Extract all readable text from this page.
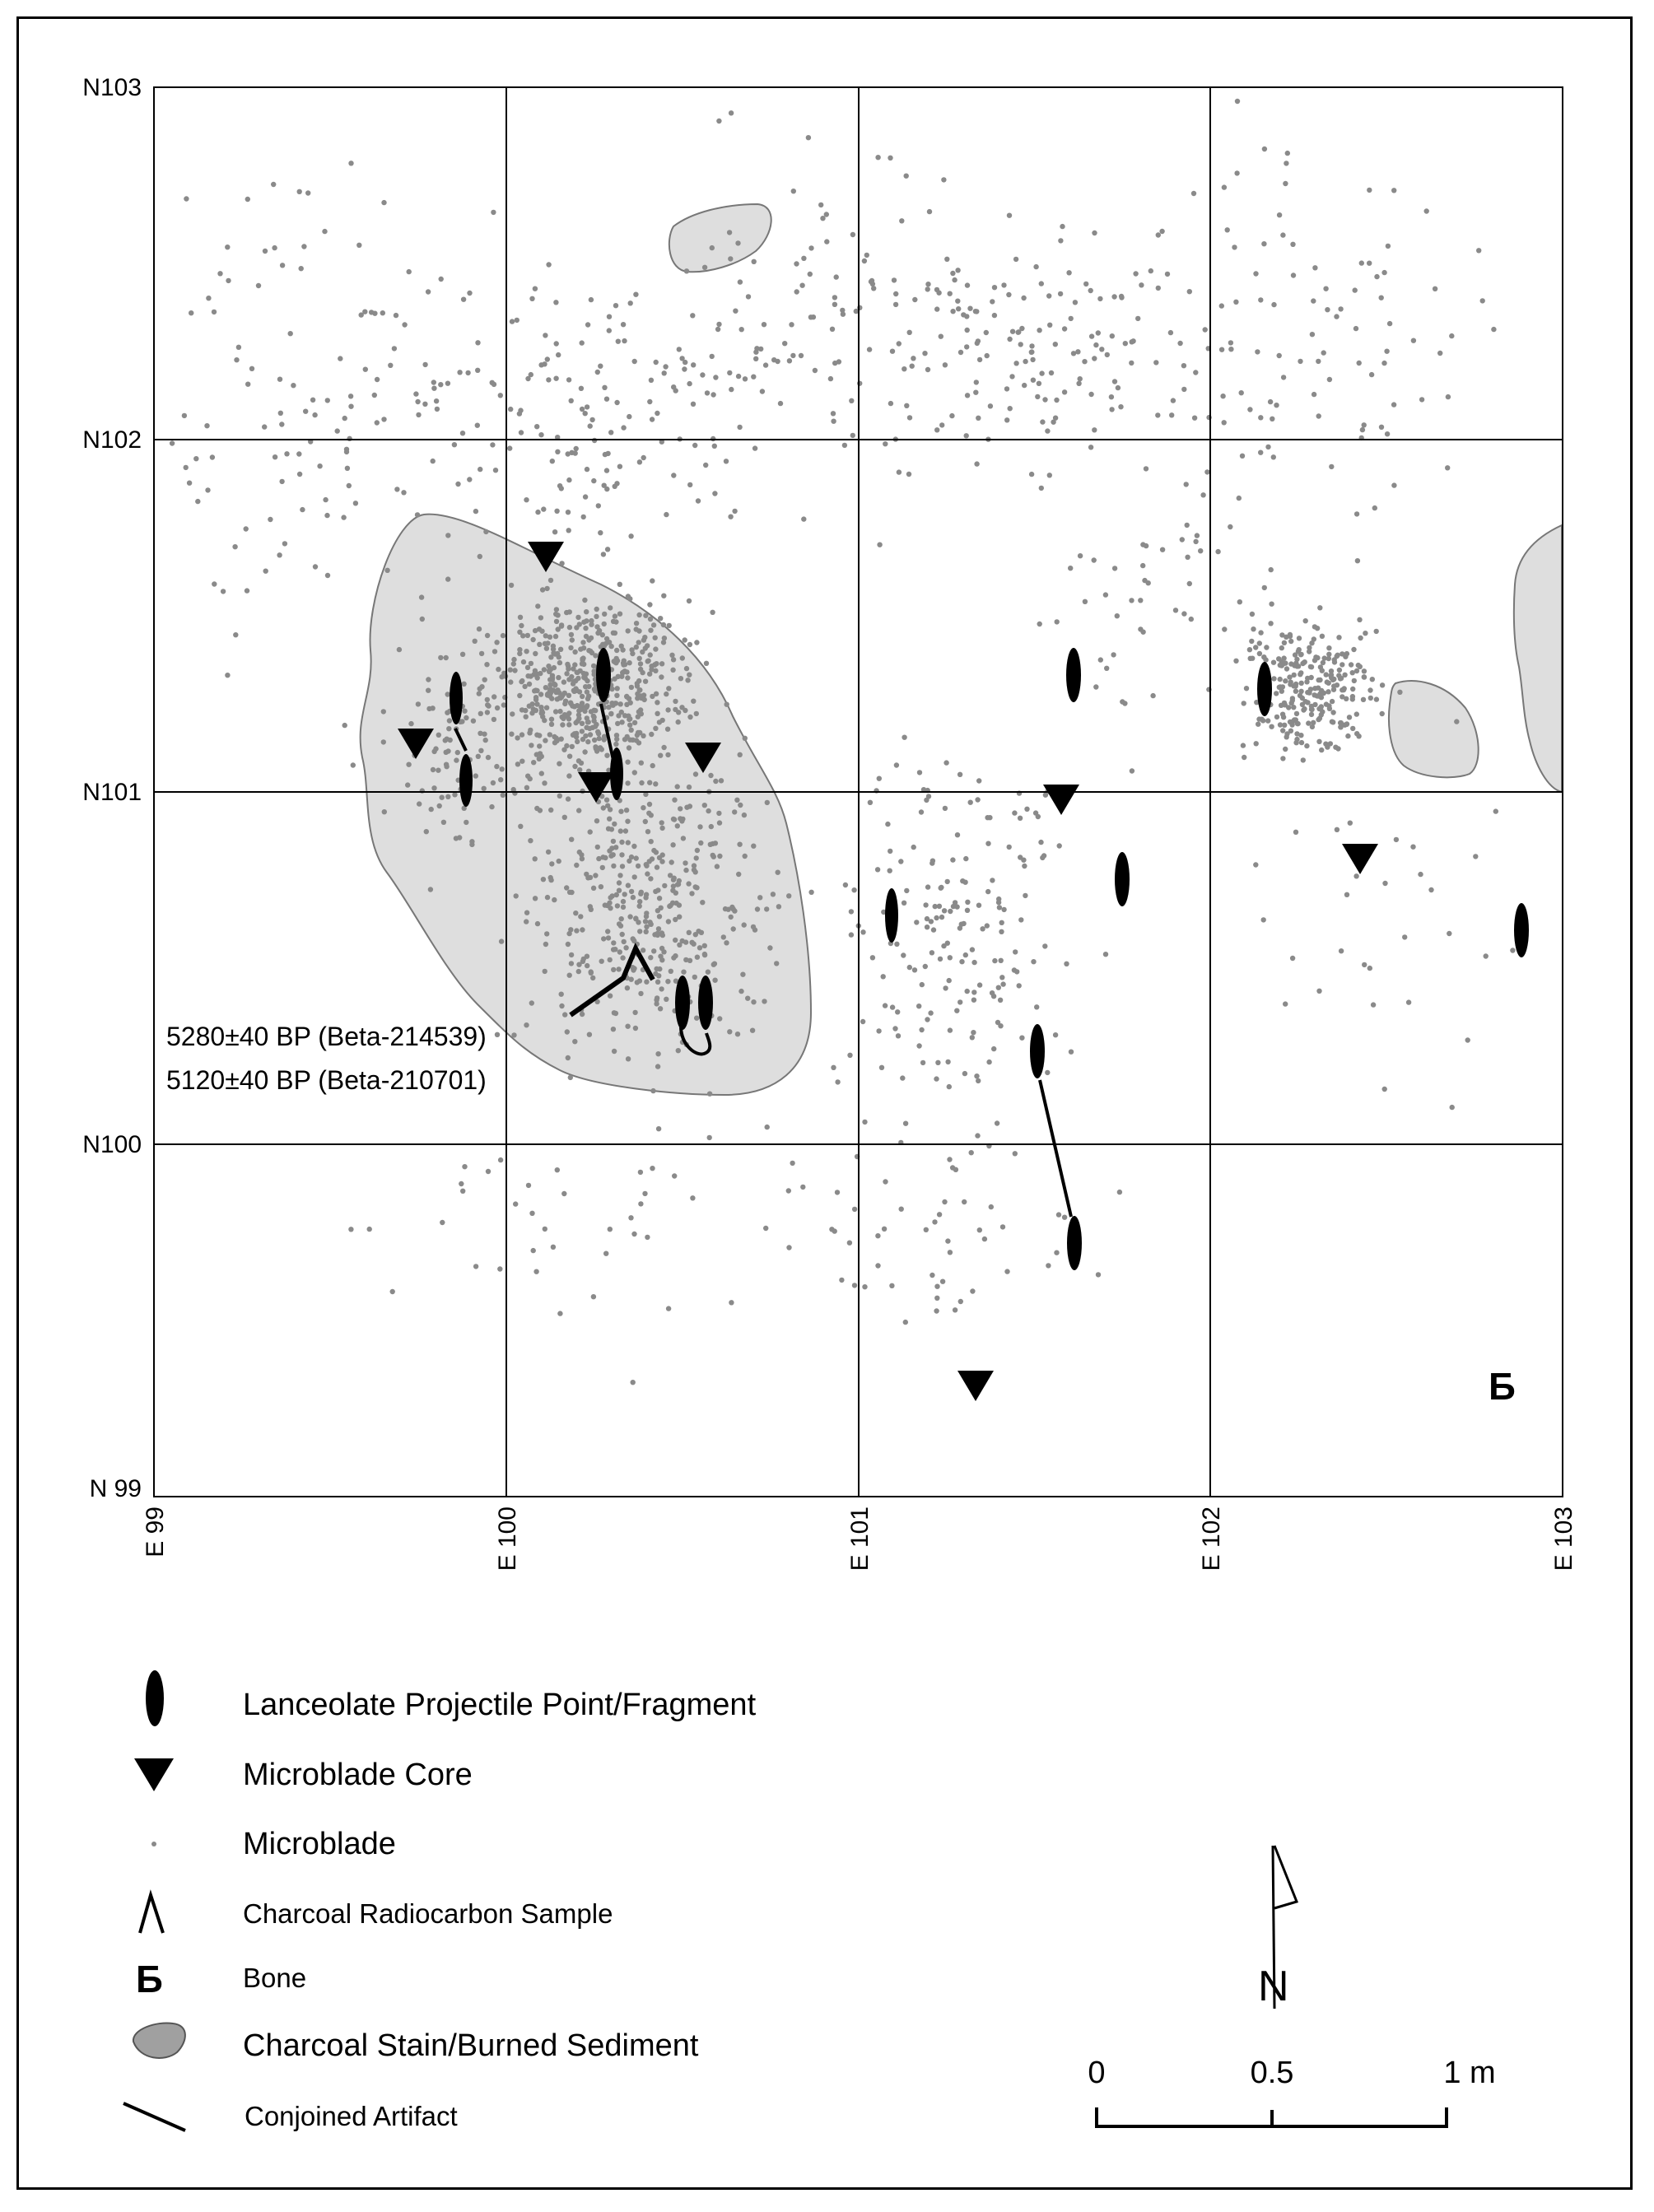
N103
N102
N101
N100
N 99
E 99	E 100	E 101	E 102	E 103
Ƃ
5280±40 BP (Beta-214539)
5120±40 BP (Beta-210701)
Lanceolate Projectile Point/Fragment
Microblade Core
Microblade
Charcoal Radiocarbon Sample
Ƃ	Bone
Charcoal Stain/Burned Sediment
Conjoined Artifact
N
0	0.5	1 m
